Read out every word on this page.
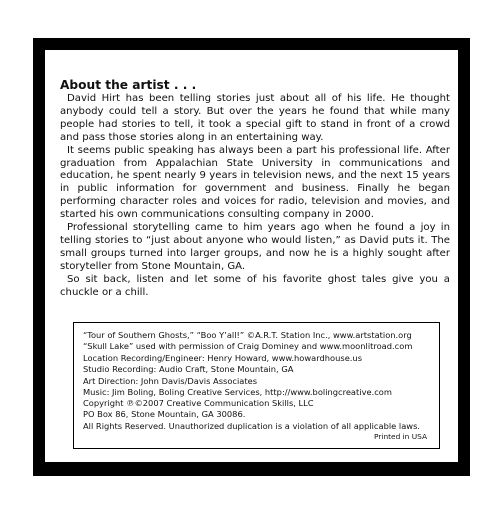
About the artist . . .

David Hirt has been telling stories just about all of his life. He thought anybody could tell a story. But over the years he found that while many people had stories to tell, it took a special gift to stand in front of a crowd and pass those stories along in an entertaining way.

It seems public speaking has always been a part his professional life. After graduation from Appalachian State University in communications and education, he spent nearly 9 years in television news, and the next 15 years in public information for government and business. Finally he began performing character roles and voices for radio, television and movies, and started his own communications consulting company in 2000.

Professional storytelling came to him years ago when he found a joy in telling stories to “just about anyone who would listen,” as David puts it. The small groups turned into larger groups, and now he is a highly sought after storyteller from Stone Mountain, GA.

So sit back, listen and let some of his favorite ghost tales give you a chuckle or a chill.

“Tour of Southern Ghosts,” “Boo Y’all!” ©A.R.T. Station Inc., www.artstation.org
“Skull Lake” used with permission of Craig Dominey and www.moonlitroad.com
Location Recording/Engineer: Henry Howard, www.howardhouse.us
Studio Recording: Audio Craft, Stone Mountain, GA
Art Direction: John Davis/Davis Associates
Music: Jim Boling, Boling Creative Services, http://www.bolingcreative.com
Copyright ℗©2007 Creative Communication Skills, LLC
PO Box 86, Stone Mountain, GA 30086.
All Rights Reserved. Unauthorized duplication is a violation of all applicable laws.
Printed in USA
